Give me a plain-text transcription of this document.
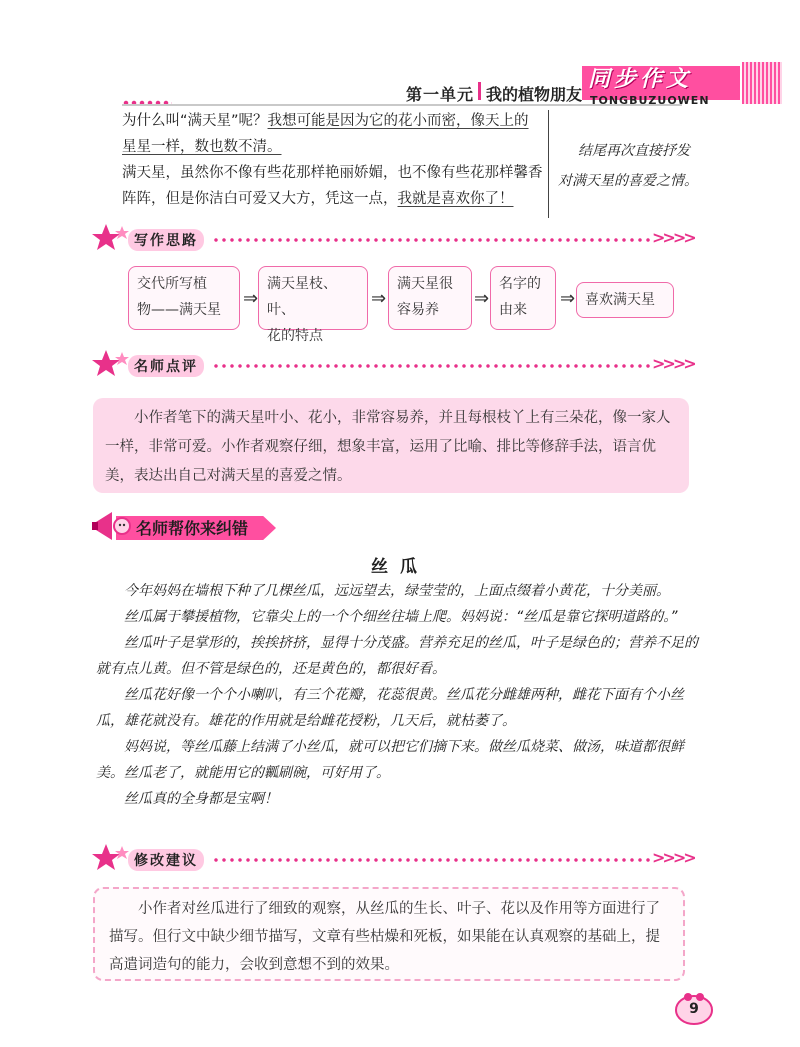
第一单元 我的植物朋友
同步作文
TONGBUZUOWEN
为什么叫“满天星”呢？我想可能是因为它的花小而密，像天上的
星星一样，数也数不清。
满天星，虽然你不像有些花那样艳丽娇媚，也不像有些花那样馨香
阵阵，但是你洁白可爱又大方，凭这一点，我就是喜欢你了！
结尾再次直接抒发
对满天星的喜爱之情。
写作思路	>>>>
交代所写植
物——满天星
⇒
满天星枝、叶、
花的特点
⇒
满天星很
容易养
⇒
名字的
由来
⇒ 喜欢满天星
名师点评	>>>>
小作者笔下的满天星叶小、花小，非常容易养，并且每根枝丫上有三朵花，像一家人一样，非常可爱。小作者观察仔细，想象丰富，运用了比喻、排比等修辞手法，语言优美，表达出自己对满天星的喜爱之情。
名师帮你来纠错
丝瓜
今年妈妈在墙根下种了几棵丝瓜，远远望去，绿莹莹的，上面点缀着小黄花，十分美丽。
丝瓜属于攀援植物，它靠尖上的一个个细丝往墙上爬。妈妈说：“丝瓜是靠它探明道路的。”
丝瓜叶子是掌形的，挨挨挤挤，显得十分茂盛。营养充足的丝瓜，叶子是绿色的；营养不足的就有点儿黄。但不管是绿色的，还是黄色的，都很好看。
丝瓜花好像一个个小喇叭，有三个花瓣，花蕊很黄。丝瓜花分雌雄两种，雌花下面有个小丝瓜，雄花就没有。雄花的作用就是给雌花授粉，几天后，就枯萎了。
妈妈说，等丝瓜藤上结满了小丝瓜，就可以把它们摘下来。做丝瓜烧菜、做汤，味道都很鲜美。丝瓜老了，就能用它的瓤刷碗，可好用了。
丝瓜真的全身都是宝啊！
修改建议	>>>>
小作者对丝瓜进行了细致的观察，从丝瓜的生长、叶子、花以及作用等方面进行了描写。但行文中缺少细节描写，文章有些枯燥和死板，如果能在认真观察的基础上，提高遣词造句的能力，会收到意想不到的效果。
9
